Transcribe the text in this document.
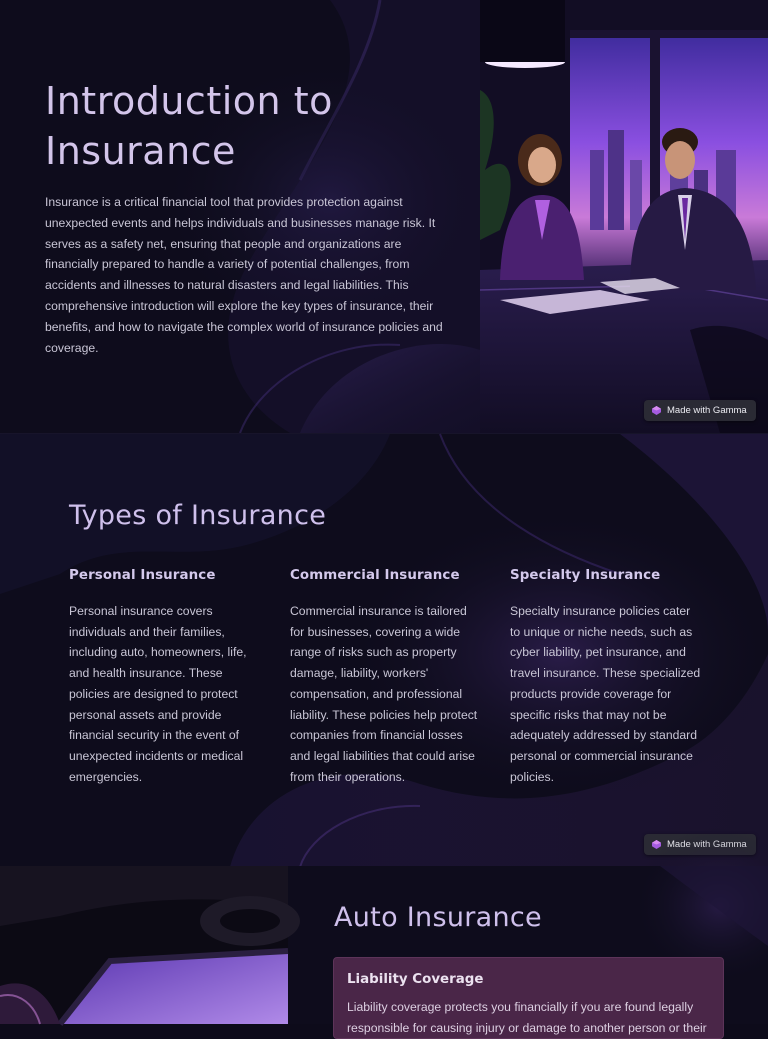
Introduction to Insurance

Insurance is a critical financial tool that provides protection against unexpected events and helps individuals and businesses manage risk. It serves as a safety net, ensuring that people and organizations are financially prepared to handle a variety of potential challenges, from accidents and illnesses to natural disasters and legal liabilities. This comprehensive introduction will explore the key types of insurance, their benefits, and how to navigate the complex world of insurance policies and coverage.

Made with Gamma
Types of Insurance
Personal Insurance

Personal insurance covers individuals and their families, including auto, homeowners, life, and health insurance. These policies are designed to protect personal assets and provide financial security in the event of unexpected incidents or medical emergencies.

Commercial Insurance

Commercial insurance is tailored for businesses, covering a wide range of risks such as property damage, liability, workers' compensation, and professional liability. These policies help protect companies from financial losses and legal liabilities that could arise from their operations.

Specialty Insurance

Specialty insurance policies cater to unique or niche needs, such as cyber liability, pet insurance, and travel insurance. These specialized products provide coverage for specific risks that may not be adequately addressed by standard personal or commercial insurance policies.

Auto Insurance
Liability Coverage

Liability coverage protects you financially if you are found legally responsible for causing injury or damage to another person or their
